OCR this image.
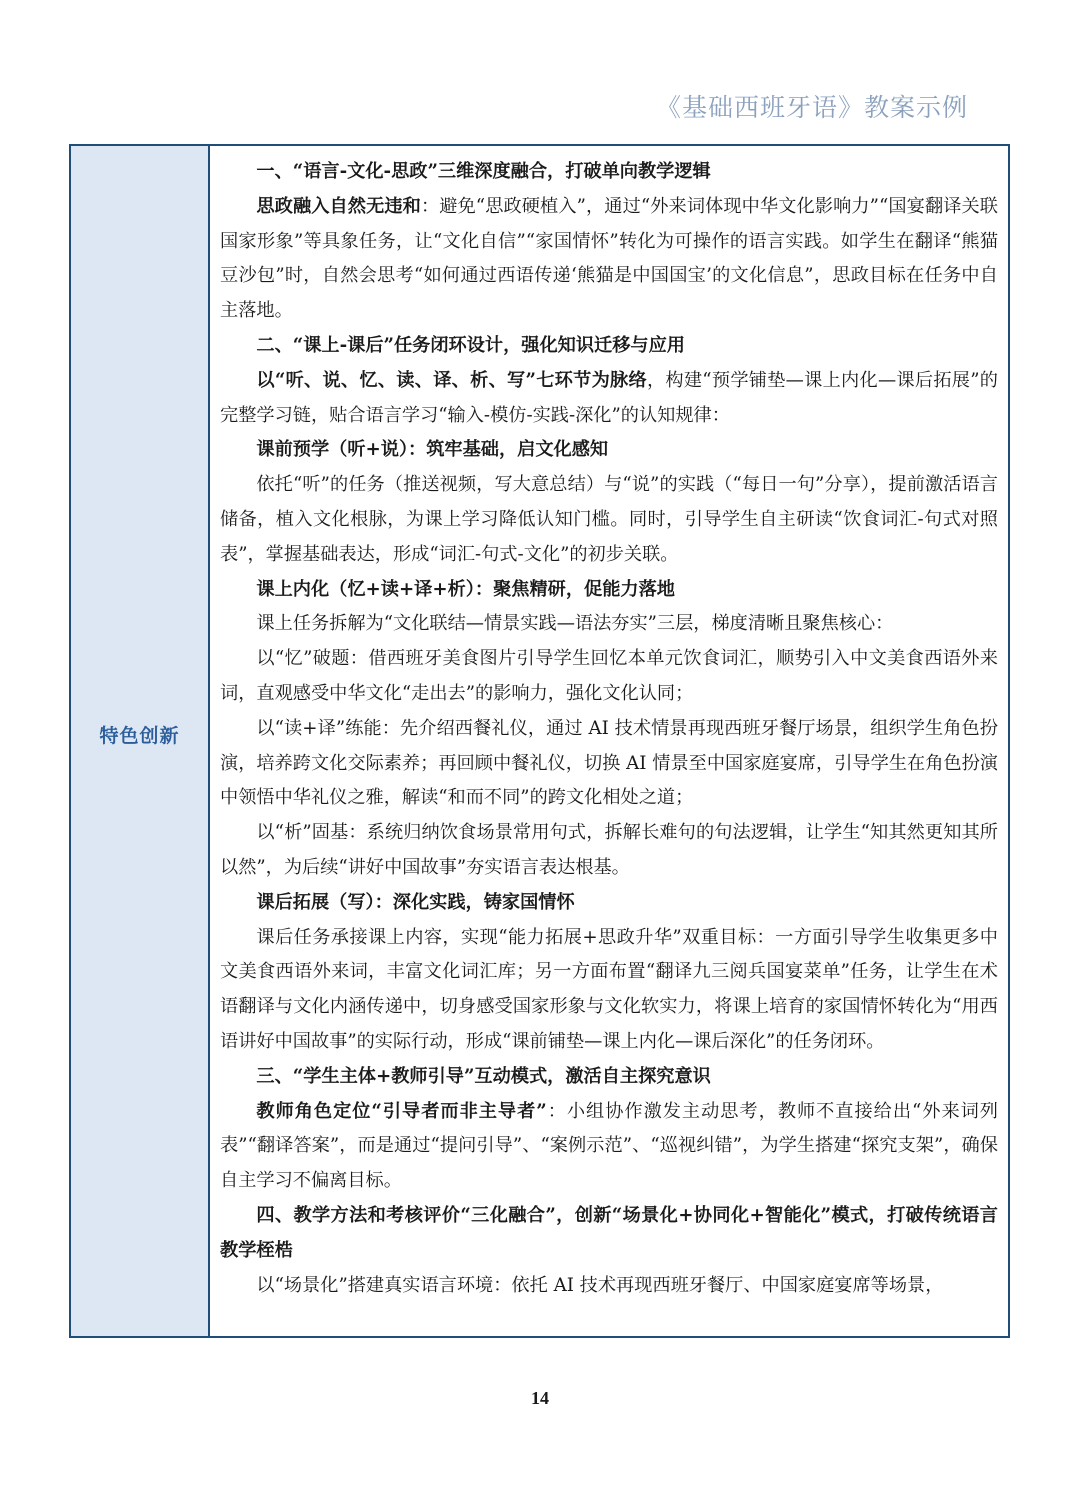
《基础西班牙语》教案示例
特色创新

一、“语言-文化-思政”三维深度融合，打破单向教学逻辑

思政融入自然无违和：避免“思政硬植入”，通过“外来词体现中华文化影响力”“国宴翻译关联国家形象”等具象任务，让“文化自信”“家国情怀”转化为可操作的语言实践。如学生在翻译“熊猫豆沙包”时，自然会思考“如何通过西语传递‘熊猫是中国国宝’的文化信息”，思政目标在任务中自主落地。

二、“课上-课后”任务闭环设计，强化知识迁移与应用

以“听、说、忆、读、译、析、写”七环节为脉络，构建“预学铺垫—课上内化—课后拓展”的完整学习链，贴合语言学习“输入-模仿-实践-深化”的认知规律：

课前预学（听+说）：筑牢基础，启文化感知

依托“听”的任务（推送视频，写大意总结）与“说”的实践（“每日一句”分享），提前激活语言储备，植入文化根脉，为课上学习降低认知门槛。同时，引导学生自主研读“饮食词汇-句式对照表”，掌握基础表达，形成“词汇-句式-文化”的初步关联。

课上内化（忆+读+译+析）：聚焦精研，促能力落地

课上任务拆解为“文化联结—情景实践—语法夯实”三层，梯度清晰且聚焦核心：

以“忆”破题：借西班牙美食图片引导学生回忆本单元饮食词汇，顺势引入中文美食西语外来词，直观感受中华文化“走出去”的影响力，强化文化认同；

以“读+译”练能：先介绍西餐礼仪，通过 AI 技术情景再现西班牙餐厅场景，组织学生角色扮演，培养跨文化交际素养；再回顾中餐礼仪，切换 AI 情景至中国家庭宴席，引导学生在角色扮演中领悟中华礼仪之雅，解读“和而不同”的跨文化相处之道；

以“析”固基：系统归纳饮食场景常用句式，拆解长难句的句法逻辑，让学生“知其然更知其所以然”，为后续“讲好中国故事”夯实语言表达根基。

课后拓展（写）：深化实践，铸家国情怀

课后任务承接课上内容，实现“能力拓展+思政升华”双重目标：一方面引导学生收集更多中文美食西语外来词，丰富文化词汇库；另一方面布置“翻译九三阅兵国宴菜单”任务，让学生在术语翻译与文化内涵传递中，切身感受国家形象与文化软实力，将课上培育的家国情怀转化为“用西语讲好中国故事”的实际行动，形成“课前铺垫—课上内化—课后深化”的任务闭环。

三、“学生主体+教师引导”互动模式，激活自主探究意识

教师角色定位“引导者而非主导者”：小组协作激发主动思考，教师不直接给出“外来词列表”“翻译答案”，而是通过“提问引导”、“案例示范”、“巡视纠错”，为学生搭建“探究支架”，确保自主学习不偏离目标。

四、教学方法和考核评价“三化融合”，创新“场景化+协同化+智能化”模式，打破传统语言教学桎梏

以“场景化”搭建真实语言环境：依托 AI 技术再现西班牙餐厅、中国家庭宴席等场景，

14
